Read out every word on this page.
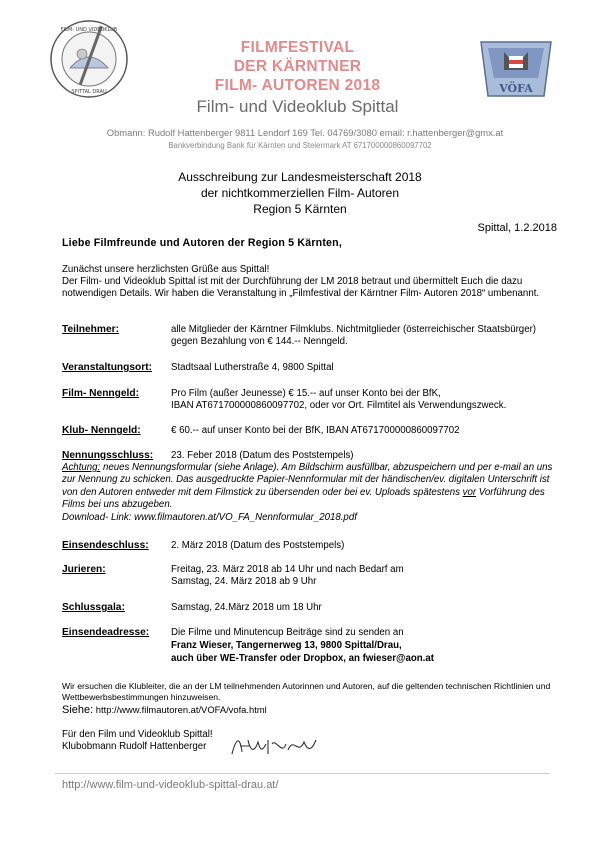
FILM- UND VIDEOKLUB
SPITTAL DRAU	VÖFA
FILMFESTIVAL
DER KÄRNTNER
FILM- AUTOREN 2018
Film- und Videoklub Spittal
Obmann: Rudolf Hattenberger 9811 Lendorf 169 Tel. 04769/3080 email: r.hattenberger@gmx.at
Bankverbindung Bank für Kärnten und Steiermark AT 671700000860097702
Ausschreibung zur Landesmeisterschaft 2018
der nichtkommerziellen Film- Autoren
Region 5 Kärnten
Spittal, 1.2.2018
Liebe Filmfreunde und Autoren der Region 5 Kärnten,
Zunächst unsere herzlichsten Grüße aus Spittal!
Der Film- und Videoklub Spittal ist mit der Durchführung der LM 2018 betraut und übermittelt Euch die dazu notwendigen Details. Wir haben die Veranstaltung in „Filmfestival der Kärntner Film- Autoren 2018“ umbenannt.
Teilnehmer:	alle Mitglieder der Kärntner Filmklubs. Nichtmitglieder (österreichischer Staatsbürger) gegen Bezahlung von € 144.-- Nenngeld.
Veranstaltungsort: Stadtsaal Lutherstraße 4, 9800 Spittal
Film- Nenngeld:	Pro Film (außer Jeunesse) € 15.-- auf unser Konto bei der BfK,
IBAN AT671700000860097702, oder vor Ort. Filmtitel als Verwendungszweck.
Klub- Nenngeld:	€ 60.-- auf unser Konto bei der BfK, IBAN AT671700000860097702
Nennungsschluss: 23. Feber 2018 (Datum des Poststempels)
Achtung: neues Nennungsformular (siehe Anlage). Am Bildschirm ausfüllbar, abzuspeichern und per e-mail an uns zur Nennung zu schicken. Das ausgedruckte Papier-Nennformular mit der händischen/ev. digitalen Unterschrift ist von den Autoren entweder mit dem Filmstick zu übersenden oder bei ev. Uploads spätestens vor Vorführung des Films bei uns abzugeben.
Download- Link: www.filmautoren.at/VO_FA_Nennformular_2018.pdf
Einsendeschluss: 2. März 2018 (Datum des Poststempels)
Jurieren:	Freitag, 23. März 2018 ab 14 Uhr und nach Bedarf am
Samstag, 24. März 2018 ab 9 Uhr
Schlussgala:	Samstag, 24.März 2018 um 18 Uhr
Einsendeadresse: Die Filme und Minutencup Beiträge sind zu senden an
Franz Wieser, Tangernerweg 13, 9800 Spittal/Drau,
auch über WE-Transfer oder Dropbox, an fwieser@aon.at
Wir ersuchen die Klubleiter, die an der LM teilnehmenden Autorinnen und Autoren, auf die geltenden technischen Richtlinien und Wettbewerbsbestimmungen hinzuweisen.
Siehe: http://www.filmautoren.at/VOFA/vofa.html
Für den Film und Videoklub Spittal!
Klubobmann Rudolf Hattenberger
http://www.film-und-videoklub-spittal-drau.at/
